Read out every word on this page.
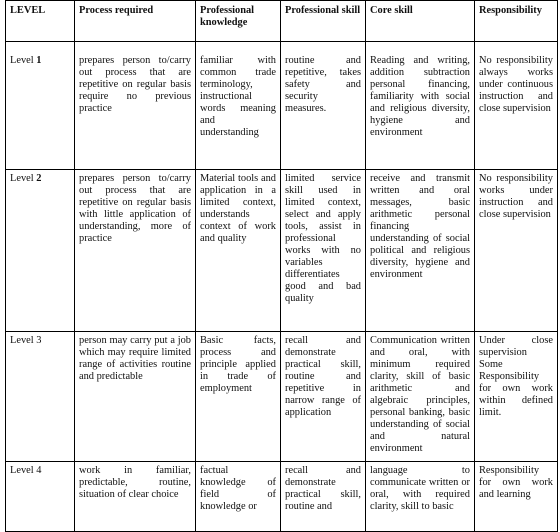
LEVEL	Process required	Professional knowledge	Professional skill	Core skill	Responsibility

Level 1	prepares person to/carry out process that are repetitive on regular basis require no previous practice	familiar with common trade terminology, instructional words meaning and understanding	routine and repetitive, takes safety and security measures.	Reading and writing, addition subtraction personal financing, familiarity with social and religious diversity, hygiene and environment	No responsibility always works under continuous instruction and close supervision

Level 2	prepares person to/carry out process that are repetitive on regular basis with little application of understanding, more of practice	Material tools and application in a limited context, understands context of work and quality	limited service skill used in limited context, select and apply tools, assist in professional works with no variables differentiates good and bad quality	receive and transmit written and oral messages, basic arithmetic personal financing understanding of social political and religious diversity, hygiene and environment	No responsibility works under instruction and close supervision

Level 3	person may carry put a job which may require limited range of activities routine and predictable	Basic facts, process and principle applied in trade of employment	recall and demonstrate practical skill, routine and repetitive in narrow range of application	Communication written and oral, with minimum required clarity, skill of basic arithmetic and algebraic principles, personal banking, basic understanding of social and natural environment	Under close supervision Some Responsibility for own work within defined limit.

Level 4	work in familiar, predictable, routine, situation of clear choice	factual knowledge of field of knowledge or	recall and demonstrate practical skill, routine and	language to communicate written or oral, with required clarity, skill to basic	Responsibility for own work and learning
